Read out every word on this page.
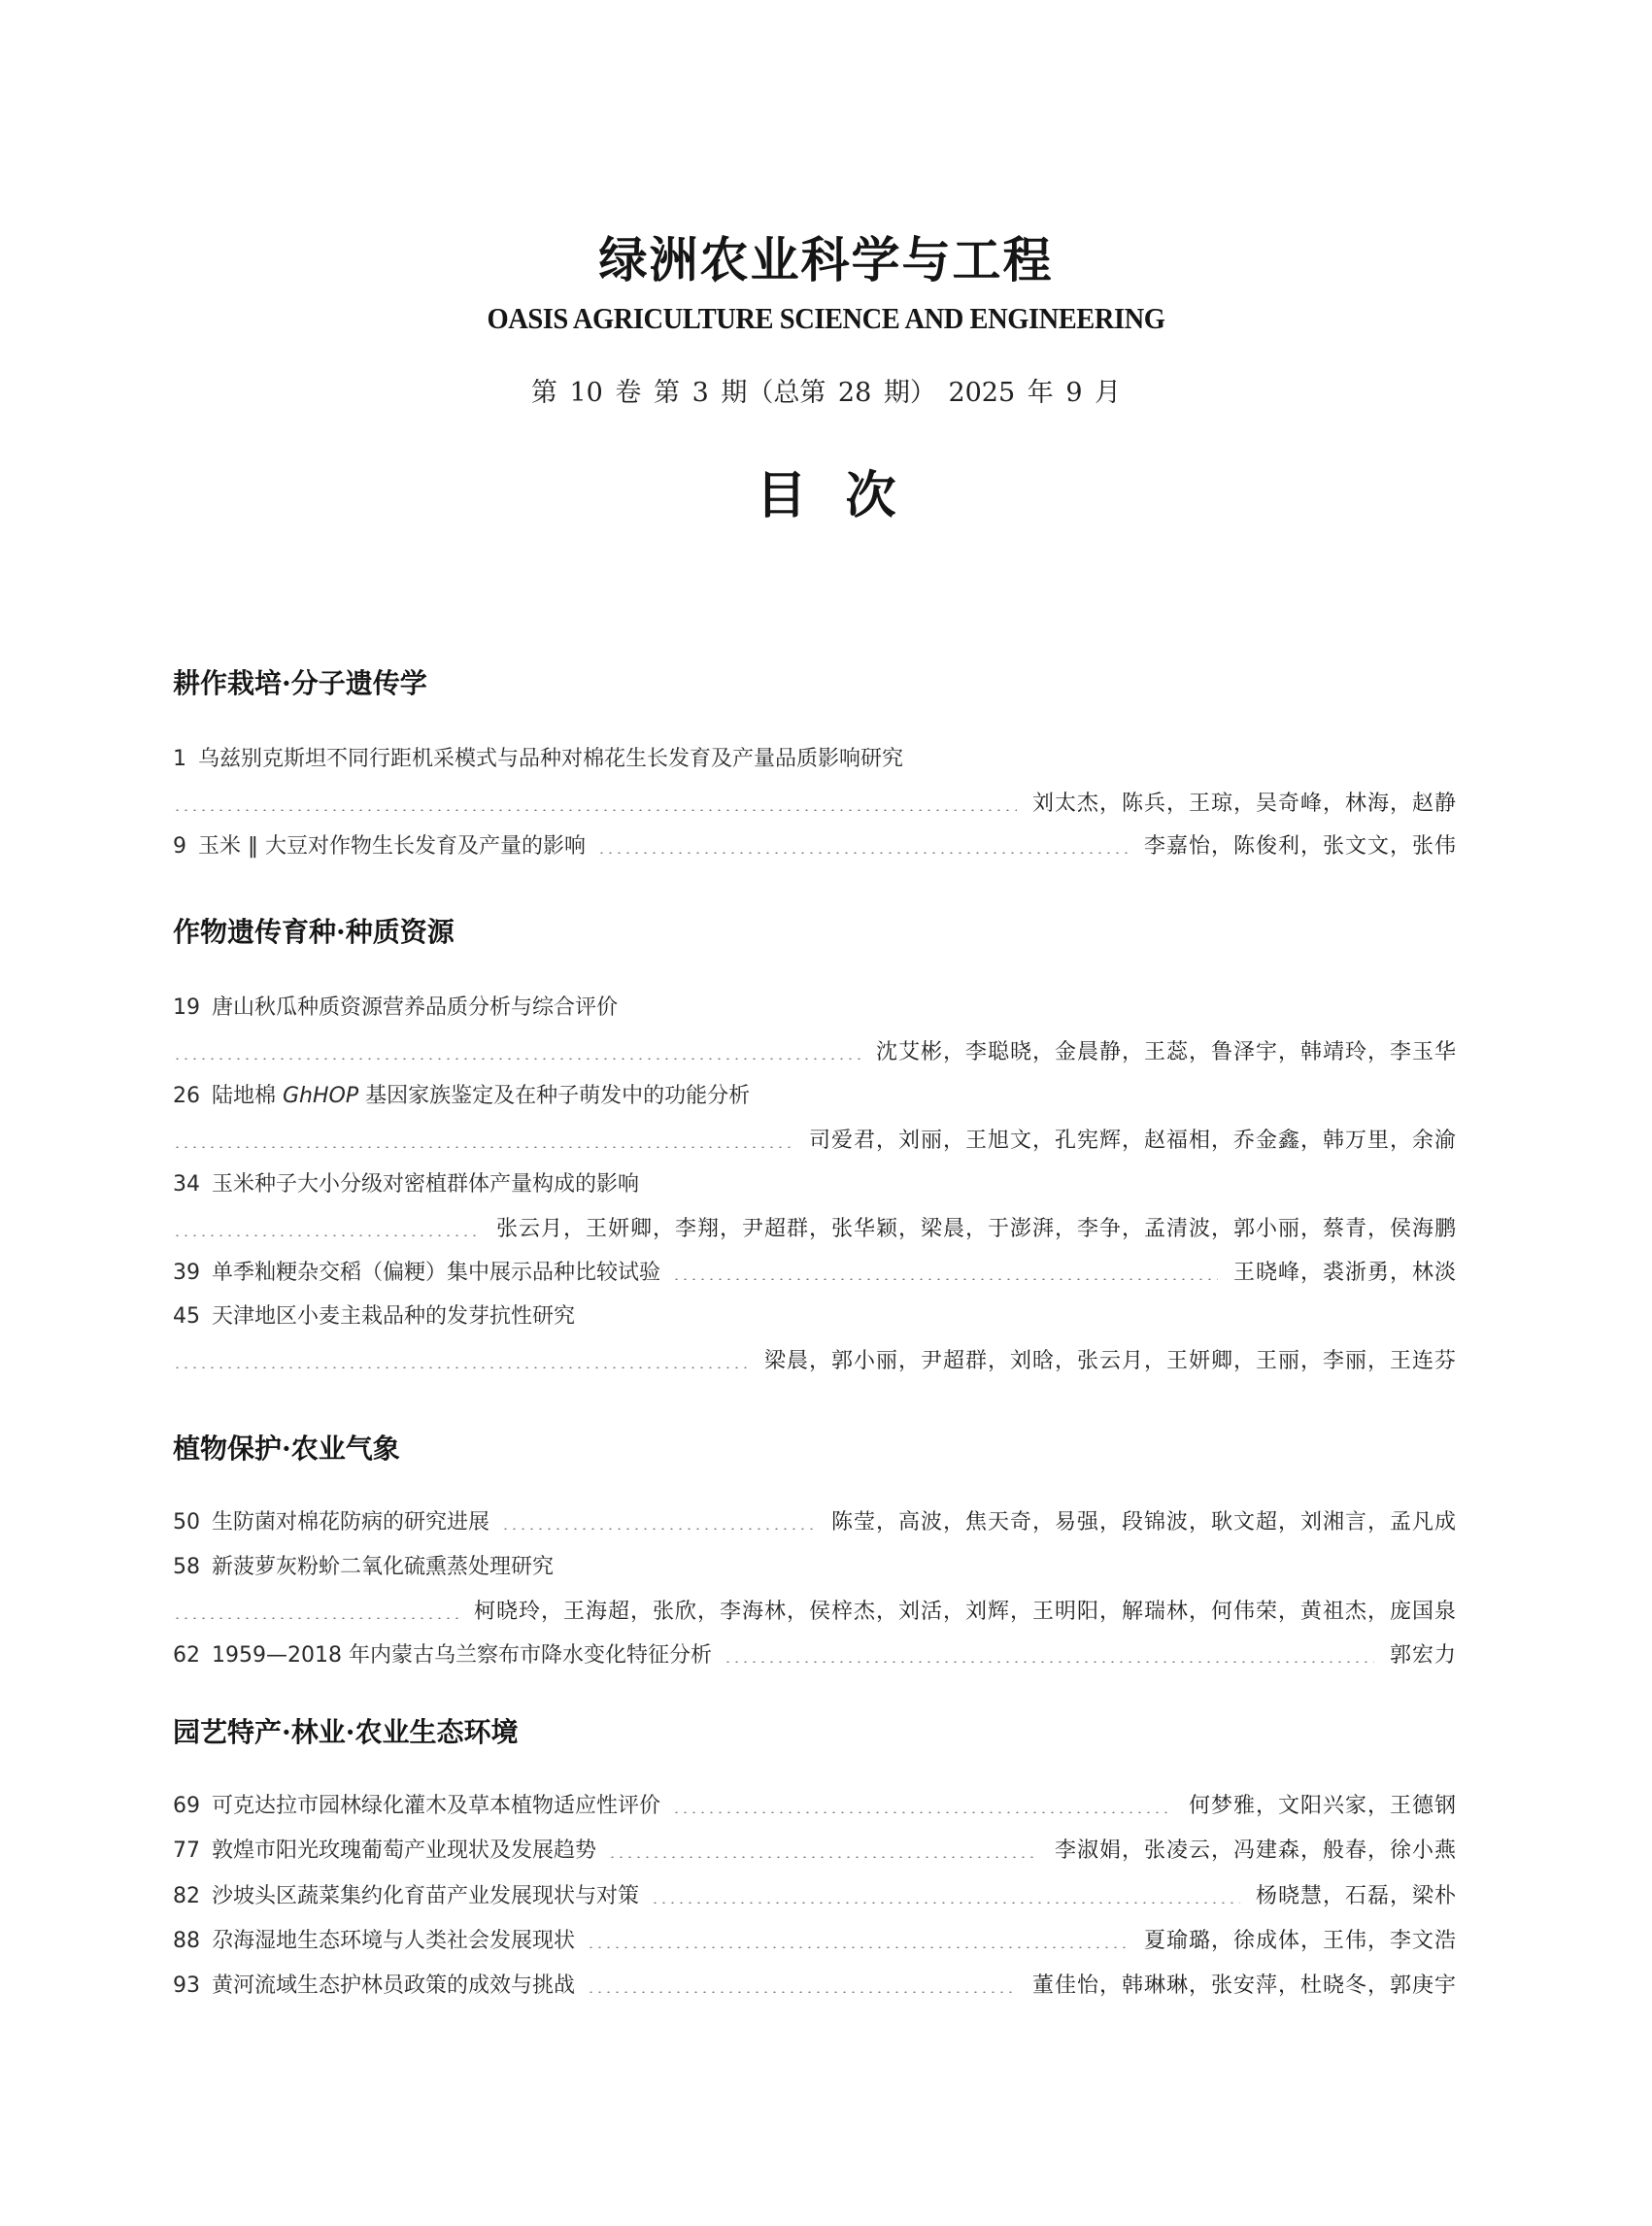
绿洲农业科学与工程
OASIS AGRICULTURE SCIENCE AND ENGINEERING
第 10 卷 第 3 期（总第 28 期） 2025 年 9 月
目次
耕作栽培·分子遗传学
1 乌兹别克斯坦不同行距机采模式与品种对棉花生长发育及产量品质影响研究
刘太杰，陈兵，王琼，吴奇峰，林海，赵静
9 玉米 ‖ 大豆对作物生长发育及产量的影响	李嘉怡，陈俊利，张文文，张伟
作物遗传育种·种质资源
19 唐山秋瓜种质资源营养品质分析与综合评价
沈艾彬，李聪晓，金晨静，王蕊，鲁泽宇，韩靖玲，李玉华
26 陆地棉 GhHOP 基因家族鉴定及在种子萌发中的功能分析
司爱君，刘丽，王旭文，孔宪辉，赵福相，乔金鑫，韩万里，余渝
34 玉米种子大小分级对密植群体产量构成的影响
张云月，王妍卿，李翔，尹超群，张华颖，梁晨，于澎湃，李争，孟清波，郭小丽，蔡青，侯海鹏
39 单季籼粳杂交稻（偏粳）集中展示品种比较试验	王晓峰，裘浙勇，林淡
45 天津地区小麦主栽品种的发芽抗性研究
梁晨，郭小丽，尹超群，刘晗，张云月，王妍卿，王丽，李丽，王连芬
植物保护·农业气象
50 生防菌对棉花防病的研究进展	陈莹，高波，焦天奇，易强，段锦波，耿文超，刘湘言，孟凡成
58 新菠萝灰粉蚧二氧化硫熏蒸处理研究
柯晓玲，王海超，张欣，李海林，侯梓杰，刘活，刘辉，王明阳，解瑞林，何伟荣，黄祖杰，庞国泉
62 1959—2018 年内蒙古乌兰察布市降水变化特征分析	郭宏力
园艺特产·林业·农业生态环境
69 可克达拉市园林绿化灌木及草本植物适应性评价	何梦雅，文阳兴家，王德钢
77 敦煌市阳光玫瑰葡萄产业现状及发展趋势	李淑娟，张凌云，冯建森，般春，徐小燕
82 沙坡头区蔬菜集约化育苗产业发展现状与对策	杨晓慧，石磊，梁朴
88 尕海湿地生态环境与人类社会发展现状	夏瑜璐，徐成体，王伟，李文浩
93 黄河流域生态护林员政策的成效与挑战	董佳怡，韩琳琳，张安萍，杜晓冬，郭庚宇
